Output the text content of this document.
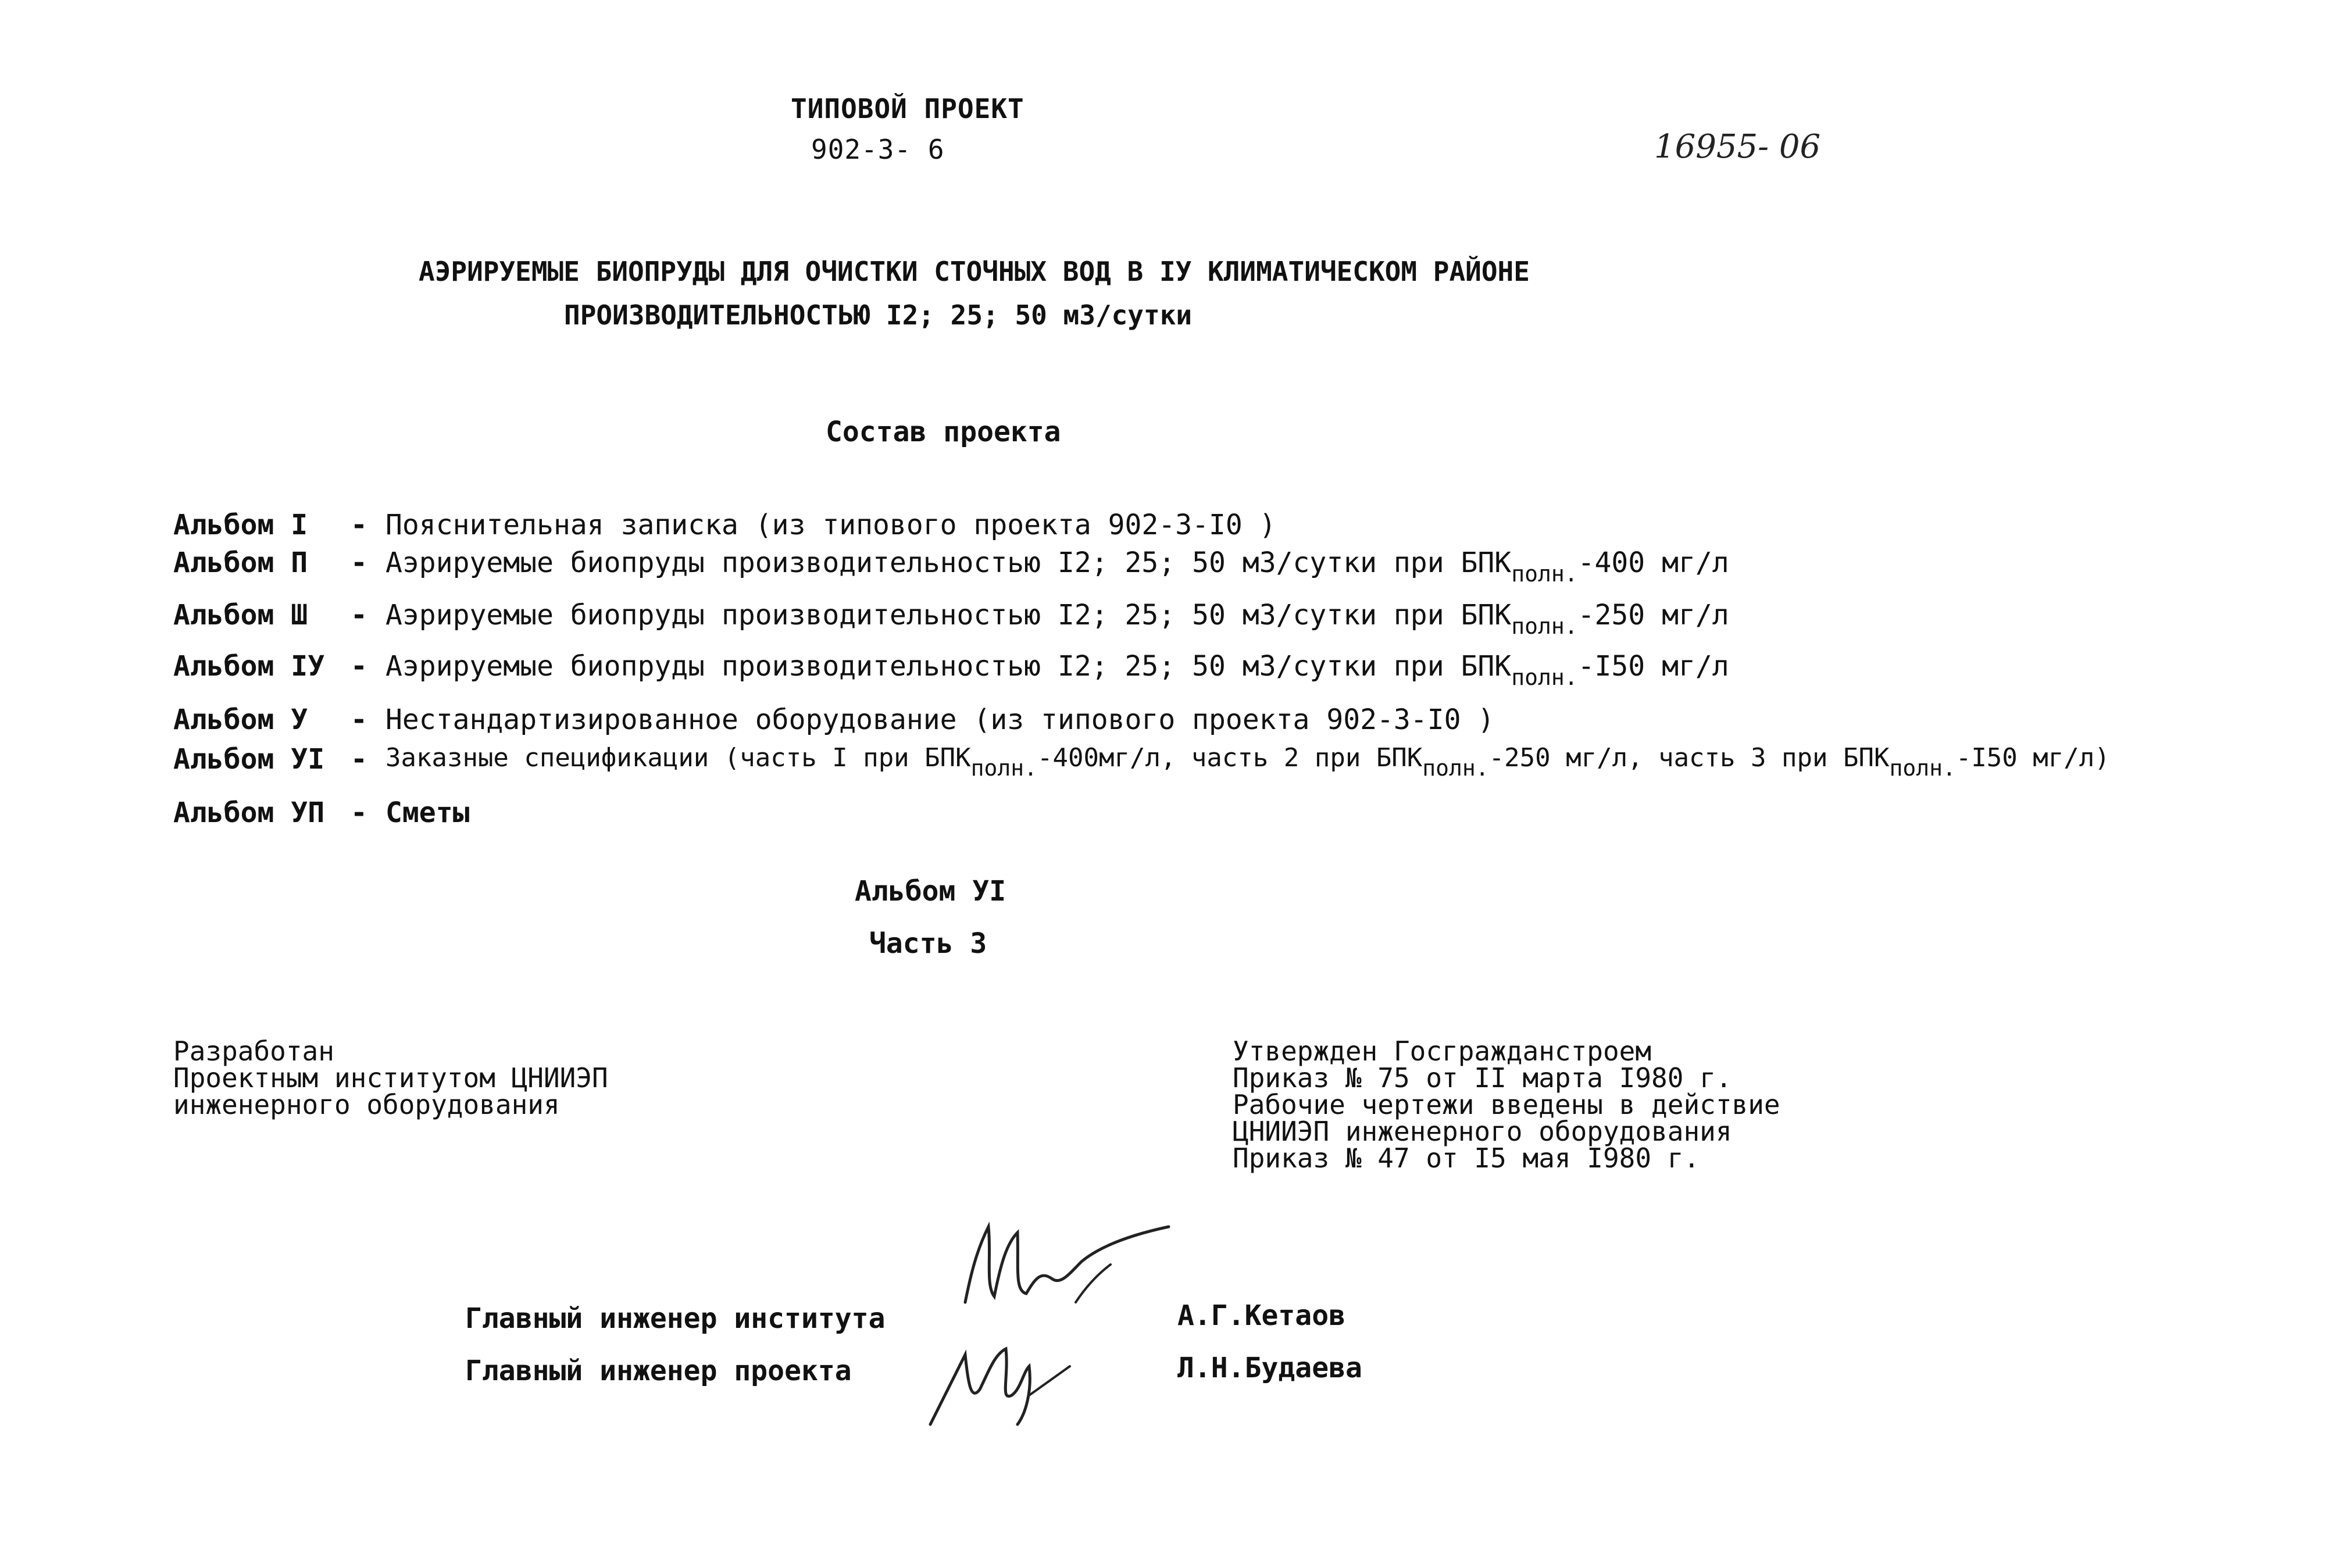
ТИПОВОЙ ПРОЕКТ
902-3- 6	16955- 06
АЭРИРУЕМЫЕ БИОПРУДЫ ДЛЯ ОЧИСТКИ СТОЧНЫХ ВОД В IУ КЛИМАТИЧЕСКОМ РАЙОНЕ
ПРОИЗВОДИТЕЛЬНОСТЬЮ I2; 25; 50 м3/сутки
Состав проекта
Альбом I - Пояснительная записка (из типового проекта 902-3-I0 )
Альбом П - Аэрируемые биопруды производительностью I2; 25; 50 м3/сутки при $БПК_{полн.}-400$ мг/л
Альбом Ш - Аэрируемые биопруды производительностью I2; 25; 50 м3/сутки при $БПК_{полн.}-250$ мг/л
Альбом IУ - Аэрируемые биопруды производительностью I2; 25; 50 м3/сутки при $БПК_{полн.}-I50$ мг/л
Альбом У - Нестандартизированное оборудование (из типового проекта 902-3-I0 )
Альбом УI - Заказные спецификации (часть I при БПКполн.-400мг/л, часть 2 при БПКполн.-250 мг/л, часть 3 при БПКполн.-I50 мг/л)
Альбом УП - Сметы
Альбом УI
Часть 3
Разработан
Проектным институтом ЦНИИЭП
инженерного оборудования
Утвержден Госгражданстроем
Приказ № 75 от II марта I980 г.
Рабочие чертежи введены в действие
ЦНИИЭП инженерного оборудования
Приказ № 47 от I5 мая I980 г.
Главный инженер института	А.Г.Кетаов
Главный инженер проекта	Л.Н.Будаева
